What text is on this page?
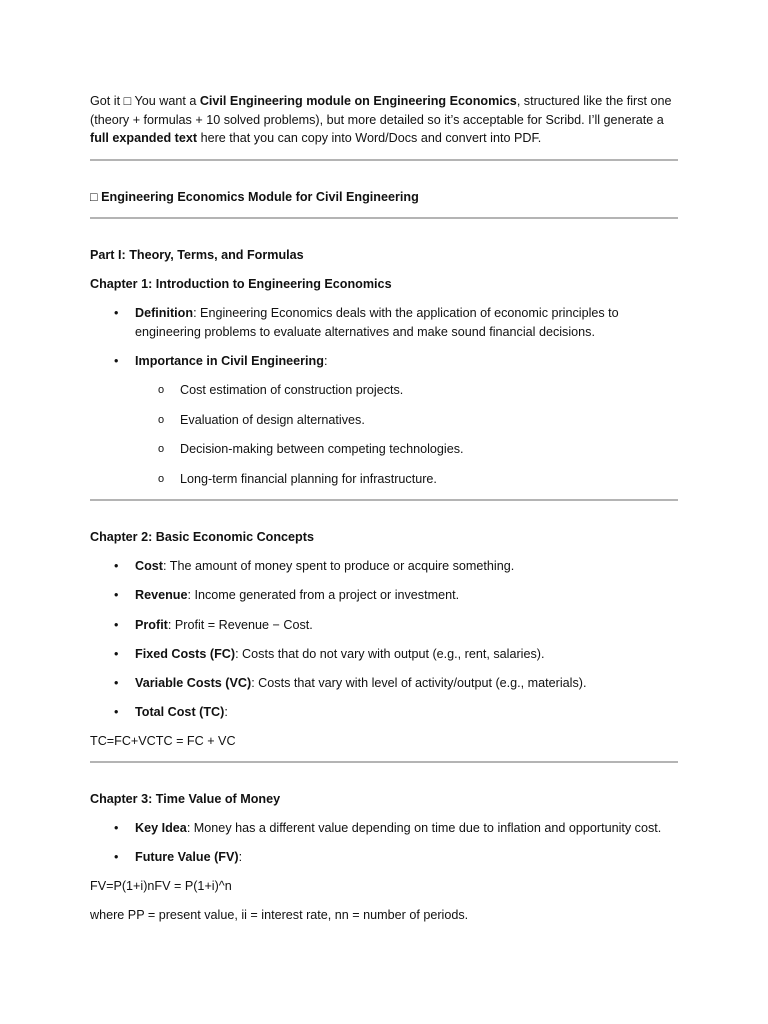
Got it □ You want a Civil Engineering module on Engineering Economics, structured like the first one (theory + formulas + 10 solved problems), but more detailed so it’s acceptable for Scribd. I’ll generate a full expanded text here that you can copy into Word/Docs and convert into PDF.

□ Engineering Economics Module for Civil Engineering

Part I: Theory, Terms, and Formulas

Chapter 1: Introduction to Engineering Economics

•	Definition: Engineering Economics deals with the application of economic principles to engineering problems to evaluate alternatives and make sound financial decisions.

•	Importance in Civil Engineering:

o	Cost estimation of construction projects.

o	Evaluation of design alternatives.

o	Decision-making between competing technologies.

o	Long-term financial planning for infrastructure.

Chapter 2: Basic Economic Concepts

•	Cost: The amount of money spent to produce or acquire something.

•	Revenue: Income generated from a project or investment.

•	Profit: Profit = Revenue − Cost.

•	Fixed Costs (FC): Costs that do not vary with output (e.g., rent, salaries).

•	Variable Costs (VC): Costs that vary with level of activity/output (e.g., materials).

•	Total Cost (TC):

TC=FC+VCTC = FC + VC

Chapter 3: Time Value of Money

•	Key Idea: Money has a different value depending on time due to inflation and opportunity cost.

•	Future Value (FV):

FV=P(1+i)nFV = P(1+i)^n

where PP = present value, ii = interest rate, nn = number of periods.
